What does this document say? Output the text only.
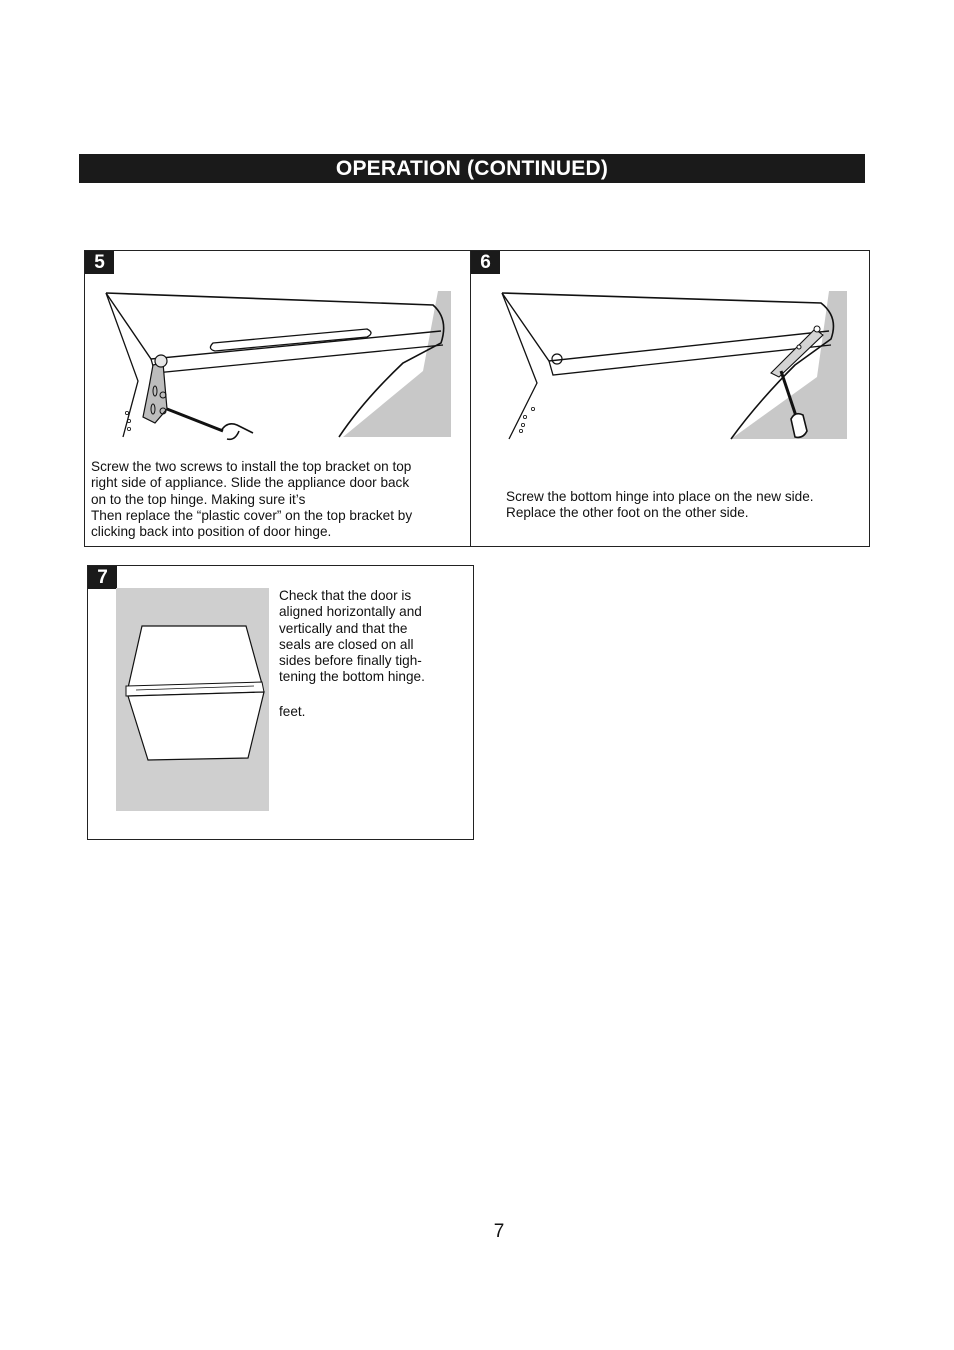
OPERATION (CONTINUED)
5
Screw the two screws to install the top bracket on top
right side of appliance. Slide the appliance door back
on to the top hinge. Making sure it’s
Then replace the “plastic cover” on the top bracket by
clicking back into position of door hinge.
6
Screw the bottom hinge into place on the new side.
Replace the other foot on the other side.
7
Check that the door is
aligned horizontally and
vertically and that the
seals are closed on all
sides before finally tigh-
tening the bottom hinge.
feet.
7
